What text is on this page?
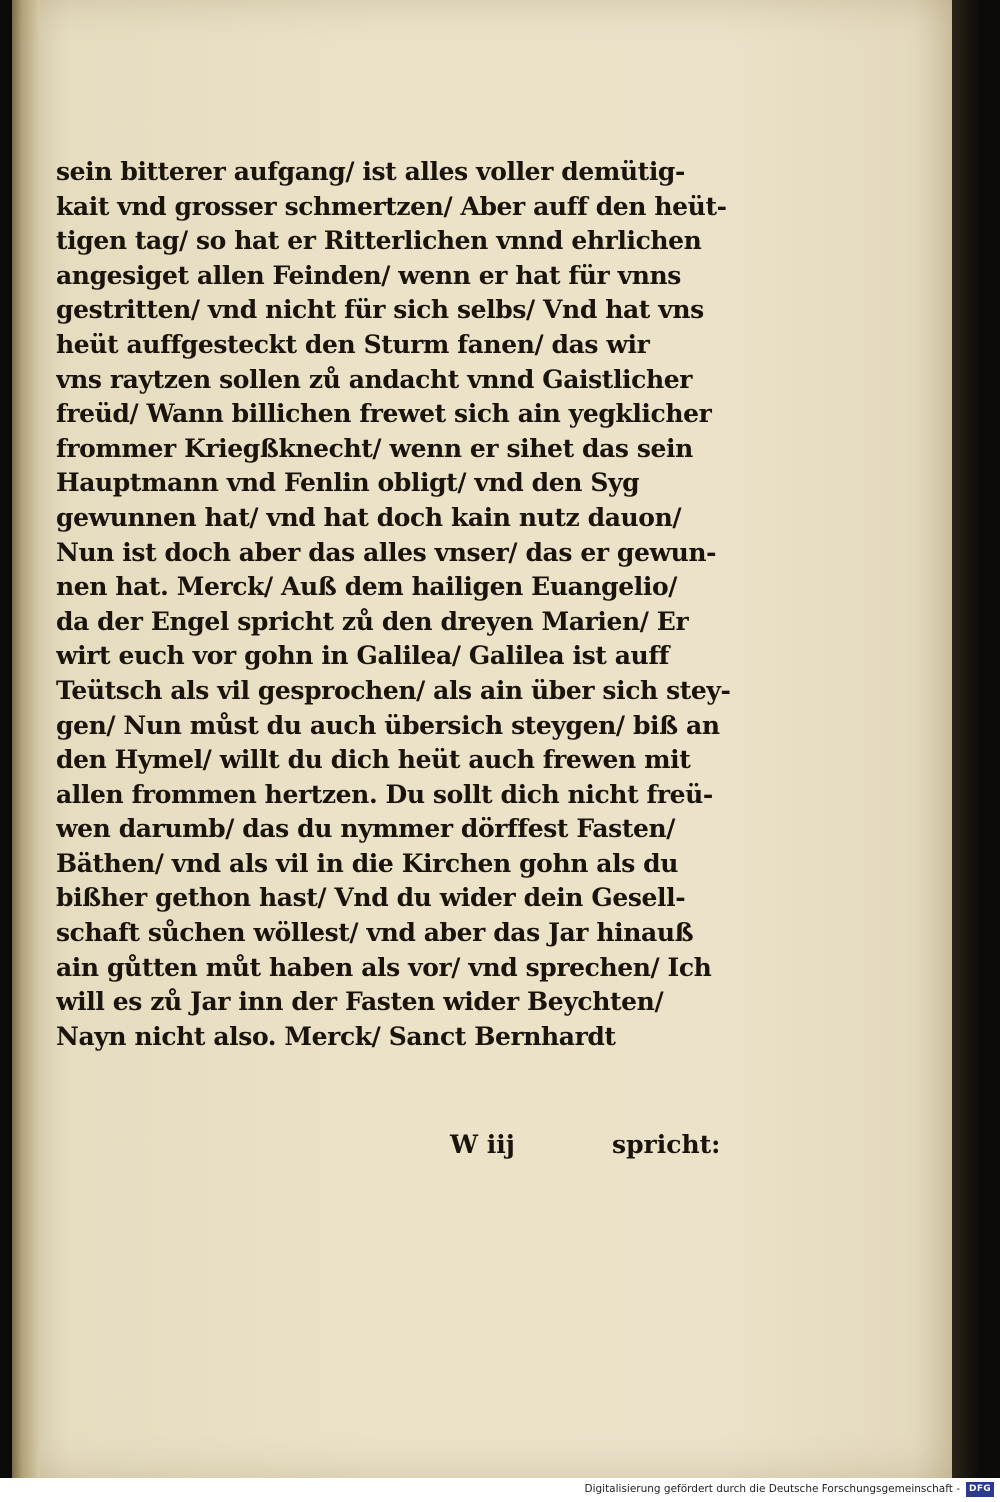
sein bitterer aufgang/ ist alles voller demütig-
kait vnd grosser schmertzen/ Aber auff den heüt-
tigen tag/ so hat er Ritterlichen vnnd ehrlichen
angesiget allen Feinden/ wenn er hat für vnns
gestritten/ vnd nicht für sich selbs/ Vnd hat vns
heüt auffgesteckt den Sturm fanen/ das wir
vns raytzen sollen zů andacht vnnd Gaistlicher
freüd/ Wann billichen frewet sich ain yegklicher
frommer Kriegßknecht/ wenn er sihet das sein
Hauptmann vnd Fenlin obligt/ vnd den Syg
gewunnen hat/ vnd hat doch kain nutz dauon/
Nun ist doch aber das alles vnser/ das er gewun-
nen hat. Merck/ Auß dem hailigen Euangelio/
da der Engel spricht zů den dreyen Marien/ Er
wirt euch vor gohn in Galilea/ Galilea ist auff
Teütsch als vil gesprochen/ als ain über sich stey-
gen/ Nun můst du auch übersich steygen/ biß an
den Hymel/ willt du dich heüt auch frewen mit
allen frommen hertzen. Du sollt dich nicht freü-
wen darumb/ das du nymmer dörffest Fasten/
Bäthen/ vnd als vil in die Kirchen gohn als du
bißher gethon hast/ Vnd du wider dein Gesell-
schaft sůchen wöllest/ vnd aber das Jar hinauß
ain gůtten můt haben als vor/ vnd sprechen/ Ich
will es zů Jar inn der Fasten wider Beychten/
Nayn nicht also. Merck/ Sanct Bernhardt
W iij	spricht:
Digitalisierung gefördert durch die Deutsche Forschungsgemeinschaft -	DFG
